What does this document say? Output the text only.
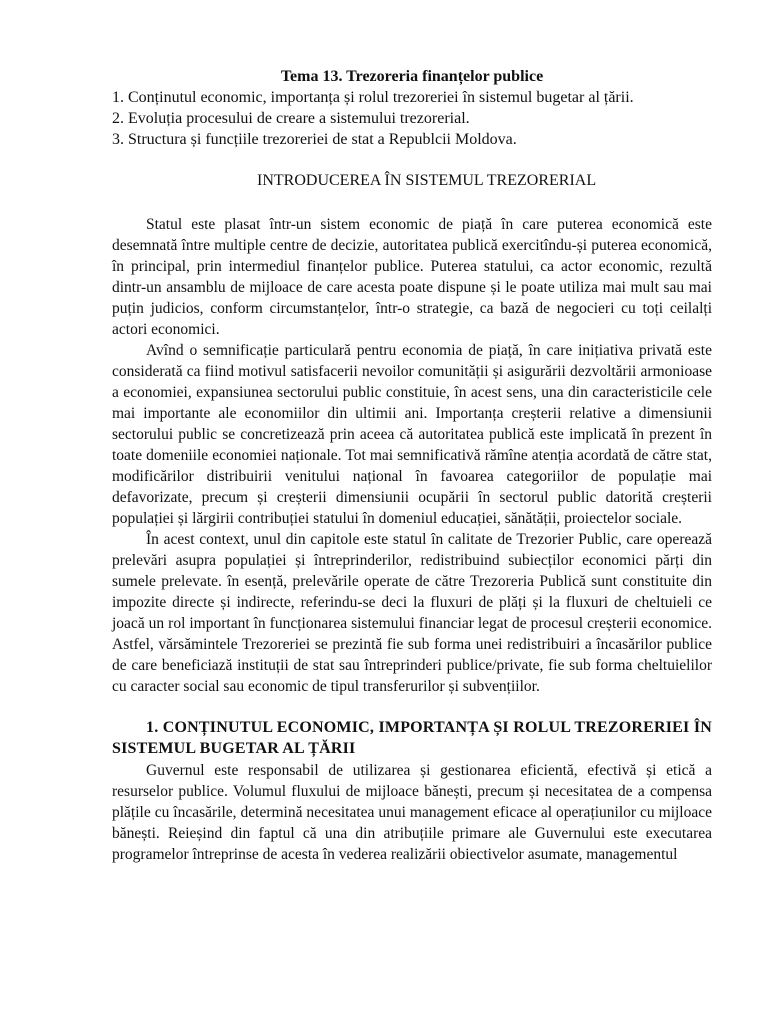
Tema 13. Trezoreria finanțelor publice
1. Conținutul economic, importanța și rolul trezoreriei în sistemul bugetar al țării.
2. Evoluția procesului de creare a sistemului trezorerial.
3. Structura și funcțiile trezoreriei de stat a Republcii Moldova.
INTRODUCEREA ÎN SISTEMUL TREZORERIAL

Statul este plasat într-un sistem economic de piață în care puterea economică este desemnată între multiple centre de decizie, autoritatea publică exercitîndu-și puterea economică, în principal, prin intermediul finanțelor publice. Puterea statului, ca actor economic, rezultă dintr-un ansamblu de mijloace de care acesta poate dispune și le poate utiliza mai mult sau mai puțin judicios, conform circumstanțelor, într-o strategie, ca bază de negocieri cu toți ceilalți actori economici.

Avînd o semnificație particulară pentru economia de piață, în care inițiativa privată este considerată ca fiind motivul satisfacerii nevoilor comunității și asigurării dezvoltării armonioase a economiei, expansiunea sectorului public constituie, în acest sens, una din caracteristicile cele mai importante ale economiilor din ultimii ani. Importanța creșterii relative a dimensiunii sectorului public se concretizează prin aceea că autoritatea publică este implicată în prezent în toate domeniile economiei naționale. Tot mai semnificativă rămîne atenția acordată de către stat, modificărilor distribuirii venitului național în favoarea categoriilor de populație mai defavorizate, precum și creșterii dimensiunii ocupării în sectorul public datorită creșterii populației și lărgirii contribuției statului în domeniul educației, sănătății, proiectelor sociale.

În acest context, unul din capitole este statul în calitate de Trezorier Public, care operează prelevări asupra populației și întreprinderilor, redistribuind subiecților economici părți din sumele prelevate. în esență, prelevările operate de către Trezoreria Publică sunt constituite din impozite directe și indirecte, referindu-se deci la fluxuri de plăți și la fluxuri de cheltuieli ce joacă un rol important în funcționarea sistemului financiar legat de procesul creșterii economice. Astfel, vărsămintele Trezoreriei se prezintă fie sub forma unei redistribuiri a încasărilor publice de care beneficiază instituții de stat sau întreprinderi publice/private, fie sub forma cheltuielilor cu caracter social sau economic de tipul transferurilor și subvențiilor.

1. CONȚINUTUL ECONOMIC, IMPORTANȚA ȘI ROLUL TREZORERIEI ÎN SISTEMUL BUGETAR AL ȚĂRII

Guvernul este responsabil de utilizarea și gestionarea eficientă, efectivă și etică a resurselor publice. Volumul fluxului de mijloace bănești, precum și necesitatea de a compensa plățile cu încasările, determină necesitatea unui management eficace al operațiunilor cu mijloace bănești. Reieșind din faptul că una din atribuțiile primare ale Guvernului este executarea programelor întreprinse de acesta în vederea realizării obiectivelor asumate, managementul
